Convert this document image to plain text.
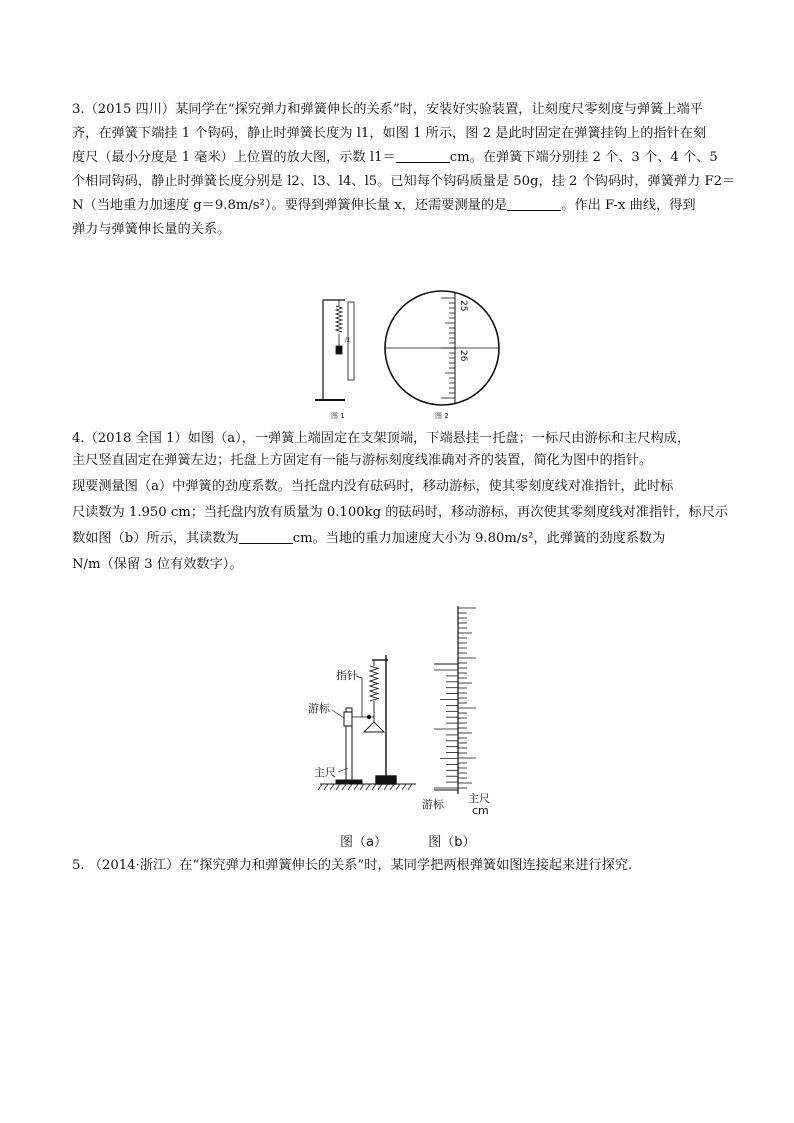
3.（2015 四川）某同学在“探究弹力和弹簧伸长的关系”时，安装好实验装置，让刻度尺零刻度与弹簧上端平

齐，在弹簧下端挂 1 个钩码，静止时弹簧长度为 l1，如图 1 所示，图 2 是此时固定在弹簧挂钩上的指针在刻

度尺（最小分度是 1 毫米）上位置的放大图，示数 l1＝	cm。在弹簧下端分别挂 2 个、3 个、4 个、5

个相同钩码，静止时弹簧长度分别是 l2、l3、l4、l5。已知每个钩码质量是 50g，挂 2 个钩码时，弹簧弹力 F2＝

N（当地重力加速度 g＝9.8m/s²）。要得到弹簧伸长量 x，还需要测量的是	。作出 F-x 曲线，得到

弹力与弹簧伸长量的关系。

l1
图 1
25
26
图 2

4.（2018 全国 1）如图（a），一弹簧上端固定在支架顶端，下端悬挂一托盘；一标尺由游标和主尺构成，

主尺竖直固定在弹簧左边；托盘上方固定有一能与游标刻度线准确对齐的装置，简化为图中的指针。

现要测量图（a）中弹簧的劲度系数。当托盘内没有砝码时，移动游标，使其零刻度线对准指针，此时标

尺读数为 1.950 cm；当托盘内放有质量为 0.100kg 的砝码时，移动游标，再次使其零刻度线对准指针，标尺示

数如图（b）所示，其读数为	cm。当地的重力加速度大小为 9.80m/s²，此弹簧的劲度系数为

N/m（保留 3 位有效数字）。

指针
游标
主尺
游标 主尺
cm
图（a）          图（b）

5. （2014·浙江）在“探究弹力和弹簧伸长的关系”时，某同学把两根弹簧如图连接起来进行探究.
